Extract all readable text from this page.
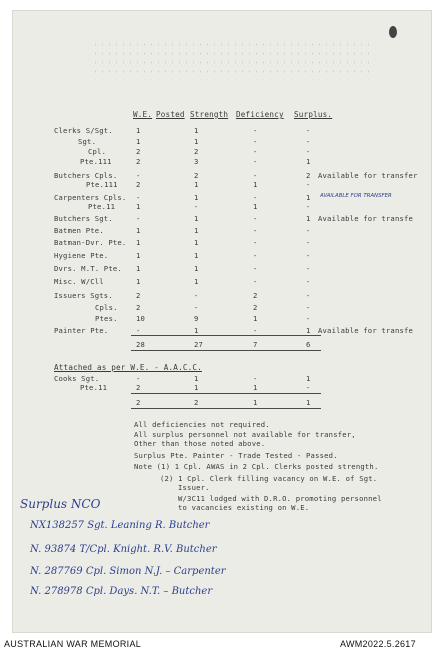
W.E. Posted Strength Deficiency Surplus.
Clerks S/Sgt.	1	1	-	-
Sgt.	1	1	-	-
Cpl.	2	2	-	-
Pte.111	2	3	-	1
Butchers Cpls.	-	2	-	2 Available for transfer
Pte.111	2	1	1	-
Carpenters Cpls. -	1	-	1 AVAILABLE FOR TRANSFER
Pte.11	1	-	1	-
Butchers Sgt.	-	1	-	1 Available for transfe
Batmen Pte.	1	1	-	-
Batman-Dvr. Pte. 1	1	-	-
Hygiene Pte.	1	1	-	-
Dvrs. M.T. Pte. 1	1	-	-
Misc. W/Cll	1	1	-	-
Issuers Sgts.	2	-	2	-
Cpls.	2	-	2	-
Ptes.	10	9	1	-
Painter Pte.	-	1	-	1 Available for transfe
28	27	7	6
Attached as per W.E. - A.A.C.C.
Cooks Sgt.	-	1	-	1
Pte.11	2	1	1	-
2	2	1	1
All deficiencies not required.
All surplus personnel not available for transfer,
Other than those noted above.
Surplus Pte. Painter - Trade Tested - Passed.
Note (1) 1 Cpl. AWAS in 2 Cpl. Clerks posted strength.
(2) 1 Cpl. Clerk filling vacancy on W.E. of Sgt.
Issuer.
W/3C11 lodged with D.R.O. promoting personnel
to vacancies existing on W.E.
Surplus NCO
NX138257 Sgt. Leaning R. Butcher
N. 93874 T/Cpl. Knight. R.V. Butcher
N. 287769 Cpl. Simon N.J. – Carpenter
N. 278978 Cpl. Days. N.T. – Butcher
AUSTRALIAN WAR MEMORIAL	AWM2022.5.2617
